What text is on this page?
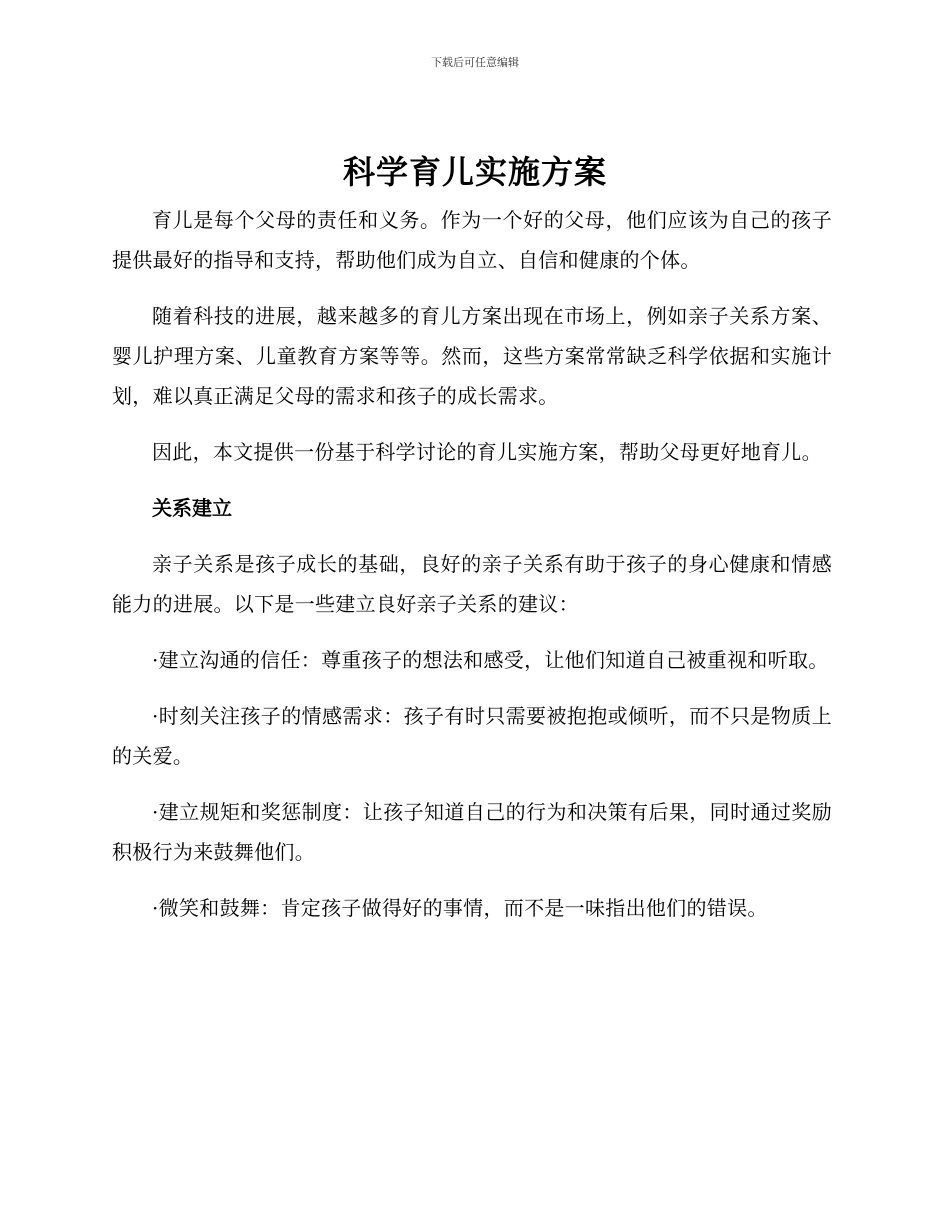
下载后可任意编辑
科学育儿实施方案

育儿是每个父母的责任和义务。作为一个好的父母，他们应该为自己的孩子提供最好的指导和支持，帮助他们成为自立、自信和健康的个体。

随着科技的进展，越来越多的育儿方案出现在市场上，例如亲子关系方案、婴儿护理方案、儿童教育方案等等。然而，这些方案常常缺乏科学依据和实施计划，难以真正满足父母的需求和孩子的成长需求。

因此，本文提供一份基于科学讨论的育儿实施方案，帮助父母更好地育儿。

关系建立

亲子关系是孩子成长的基础，良好的亲子关系有助于孩子的身心健康和情感能力的进展。以下是一些建立良好亲子关系的建议：

·建立沟通的信任：尊重孩子的想法和感受，让他们知道自己被重视和听取。

·时刻关注孩子的情感需求：孩子有时只需要被抱抱或倾听，而不只是物质上的关爱。

·建立规矩和奖惩制度：让孩子知道自己的行为和决策有后果，同时通过奖励积极行为来鼓舞他们。

·微笑和鼓舞：肯定孩子做得好的事情，而不是一味指出他们的错误。
